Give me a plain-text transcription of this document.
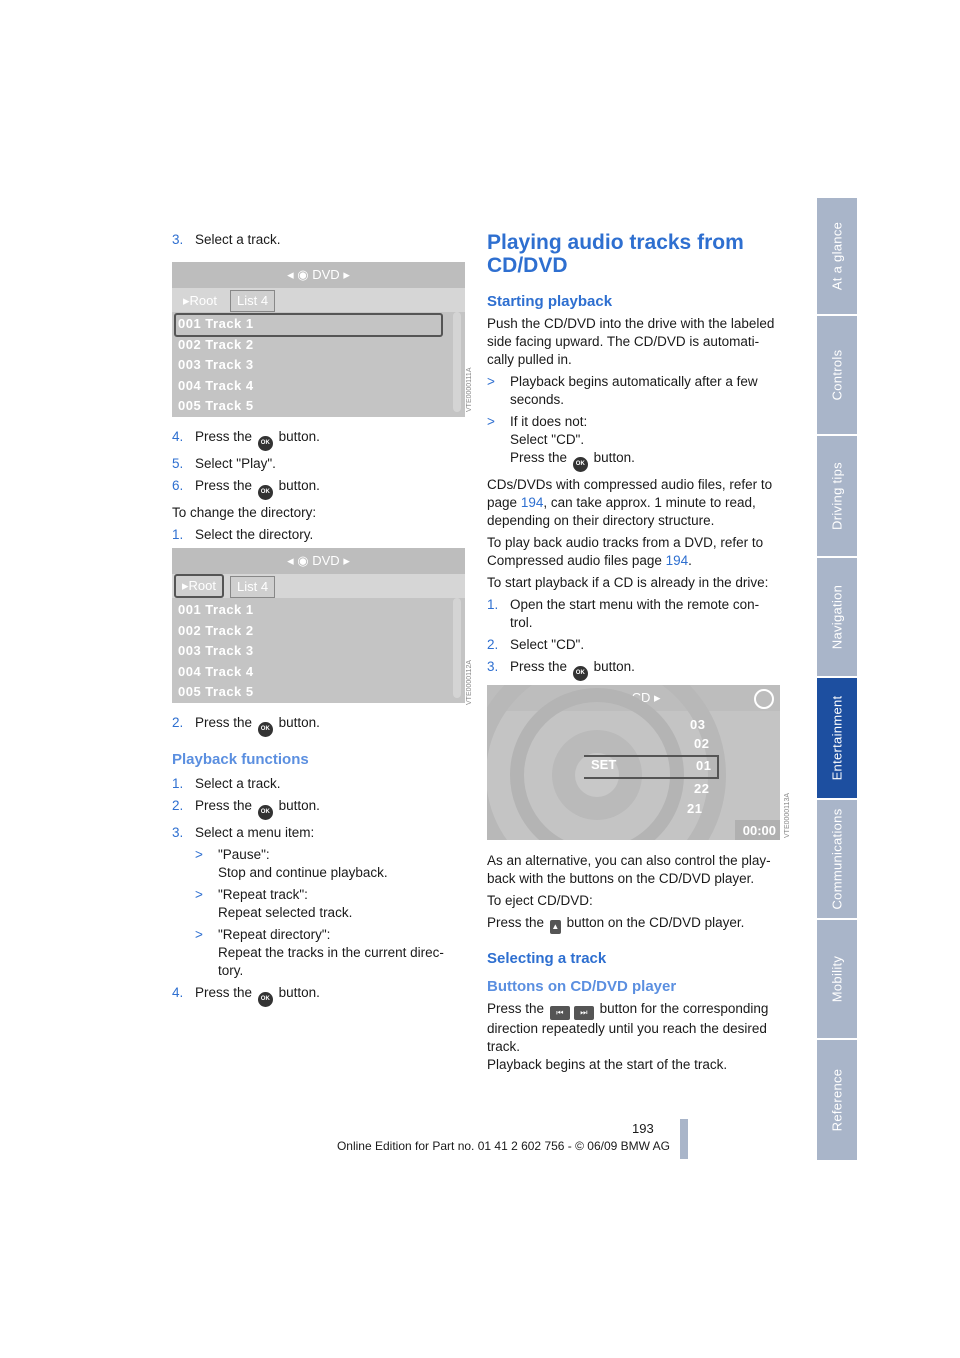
At a glance
Controls
Driving tips
Navigation
Entertainment
Communications
Mobility
Reference
3. Select a track.
◂ ◉ DVD ▸
▸Root	List 4
001 Track 1
002 Track 2
003 Track 3
004 Track 4
005 Track 5	VTE0000111A
4. Press the OK button.
5. Select "Play".
6. Press the OK button.
To change the directory:
1. Select the directory.
◂ ◉ DVD ▸
▸Root	List 4
001 Track 1
002 Track 2
003 Track 3
004 Track 4
005 Track 5	VTE0000112A
2. Press the OK button.
Playback functions
1. Select a track.
2. Press the OK button.
3. Select a menu item:
>	"Pause":
Stop and continue playback.
>	"Repeat track":
Repeat selected track.
>	"Repeat directory":
Repeat the tracks in the current direc-
tory.
4. Press the OK button.
Playing audio tracks from
CD/DVD
Starting playback
Push the CD/DVD into the drive with the labeled
side facing upward. The CD/DVD is automati-
cally pulled in.
>	Playback begins automatically after a few
seconds.
>	If it does not:
Select "CD".
Press the OK button.
CDs/DVDs with compressed audio files, refer to
page 194, can take approx. 1 minute to read,
depending on their directory structure.
To play back audio tracks from a DVD, refer to
Compressed audio files page 194.
To start playback if a CD is already in the drive:
1. Open the start menu with the remote con-
trol.
2. Select "CD".
3. Press the OK button.
◂ ◉ CD ▸
SET
03
02
01
22
21
00:00 VTE0000113A
As an alternative, you can also control the play-
back with the buttons on the CD/DVD player.
To eject CD/DVD:
Press the ▲ button on the CD/DVD player.
Selecting a track
Buttons on CD/DVD player
Press the ⏮ ⏭ button for the corresponding
direction repeatedly until you reach the desired
track.
Playback begins at the start of the track.
193
Online Edition for Part no. 01 41 2 602 756 - © 06/09 BMW AG
